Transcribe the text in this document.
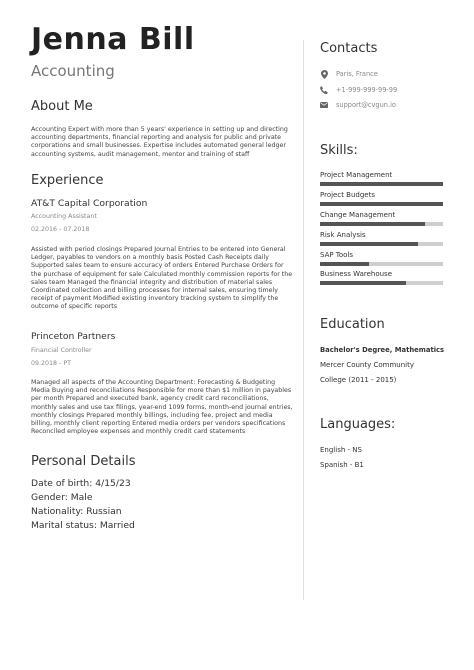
Jenna Bill
Accounting
About Me
Accounting Expert with more than 5 years' experience in setting up and directing accounting departments, financial reporting and analysis for public and private corporations and small businesses. Expertise includes automated general ledger accounting systems, audit management, mentor and training of staff
Experience
AT&T Capital Corporation
Accounting Assistant
02.2016 - 07.2018
Assisted with period closings Prepared Journal Entries to be entered into General Ledger, payables to vendors on a monthly basis Posted Cash Receipts daily Supported sales team to ensure accuracy of orders Entered Purchase Orders for the purchase of equipment for sale Calculated monthly commission reports for the sales team Managed the financial integrity and distribution of material sales Coordinated collection and billing processes for internal sales, ensuring timely receipt of payment Modified existing inventory tracking system to simplify the outcome of specific reports
Princeton Partners
Financial Controller
09.2018 - PT
Managed all aspects of the Accounting Department: Forecasting & Budgeting Media Buying and reconciliations Responsible for more than $1 million in payables per month Prepared and executed bank, agency credit card reconciliations, monthly sales and use tax filings, year-end 1099 forms, month-end journal entries, monthly closings Prepared monthly billings, including fee, project and media billing, monthly client reporting Entered media orders per vendors specifications Reconciled employee expenses and monthly credit card statements
Personal Details
Date of birth: 4/15/23
Gender: Male
Nationality: Russian
Marital status: Married
Contacts
Paris, France
+1-999-999-99-99
support@cvgun.io
Skills:
Project Management
Project Budgets
Change Management
Risk Analysis
SAP Tools
Business Warehouse
Education
Bachelor's Degree, Mathematics
Mercer County Community
College (2011 - 2015)
Languages:
English - NS
Spanish - B1
